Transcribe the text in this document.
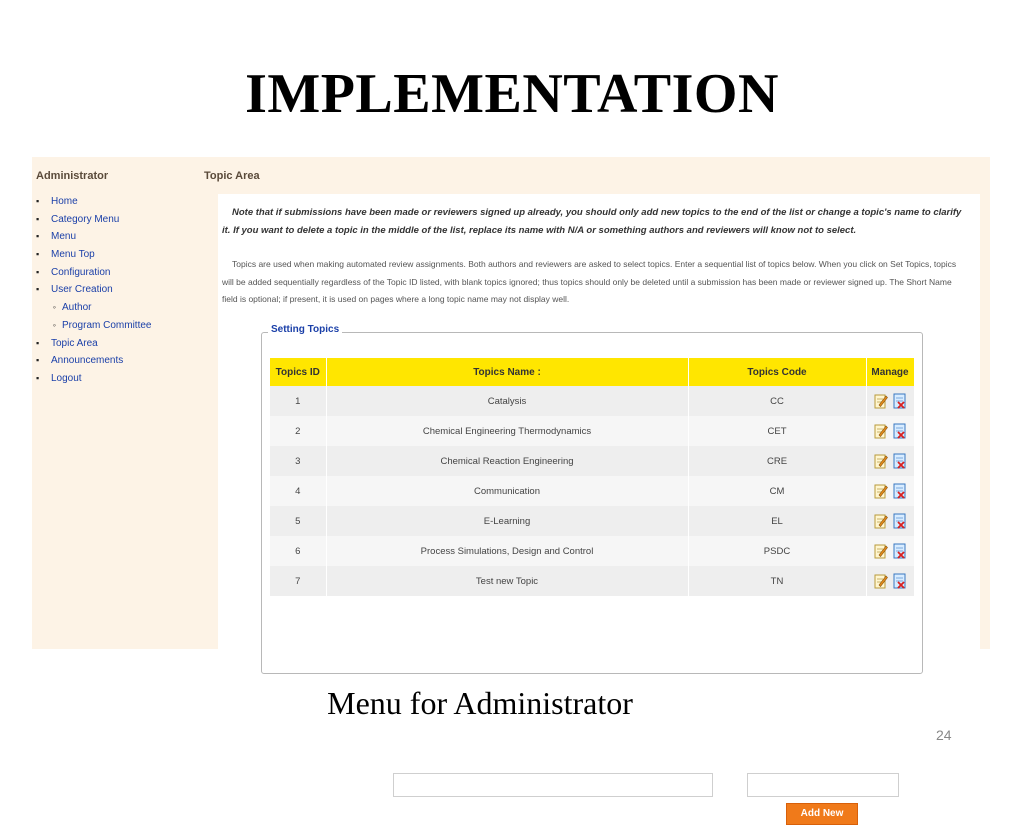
IMPLEMENTATION
Administrator
▪ Home
▪ Category Menu
▪ Menu
▪ Menu Top
▪ Configuration
▪ User Creation
◦ Author
◦ Program Committee
▪ Topic Area
▪ Announcements
▪ Logout
Topic Area
Note that if submissions have been made or reviewers signed up already, you should only add new topics to the end of the list or change a topic's name to clarify it. If you want to delete a topic in the middle of the list, replace its name with N/A or something authors and reviewers will know not to select.
Topics are used when making automated review assignments. Both authors and reviewers are asked to select topics. Enter a sequential list of topics below. When you click on Set Topics, topics will be added sequentially regardless of the Topic ID listed, with blank topics ignored; thus topics should only be deleted until a submission has been made or reviewer signed up. The Short Name field is optional; if present, it is used on pages where a long topic name may not display well.
Setting Topics
Topics ID	Topics Name :	Topics Code	Manage
1	Catalysis	CC	
2	Chemical Engineering Thermodynamics	CET	
3	Chemical Reaction Engineering	CRE	
4	Communication	CM	
5	E-Learning	EL	
6	Process Simulations, Design and Control	PSDC	
7	Test new Topic	TN	
Add New
Menu for Administrator
24
